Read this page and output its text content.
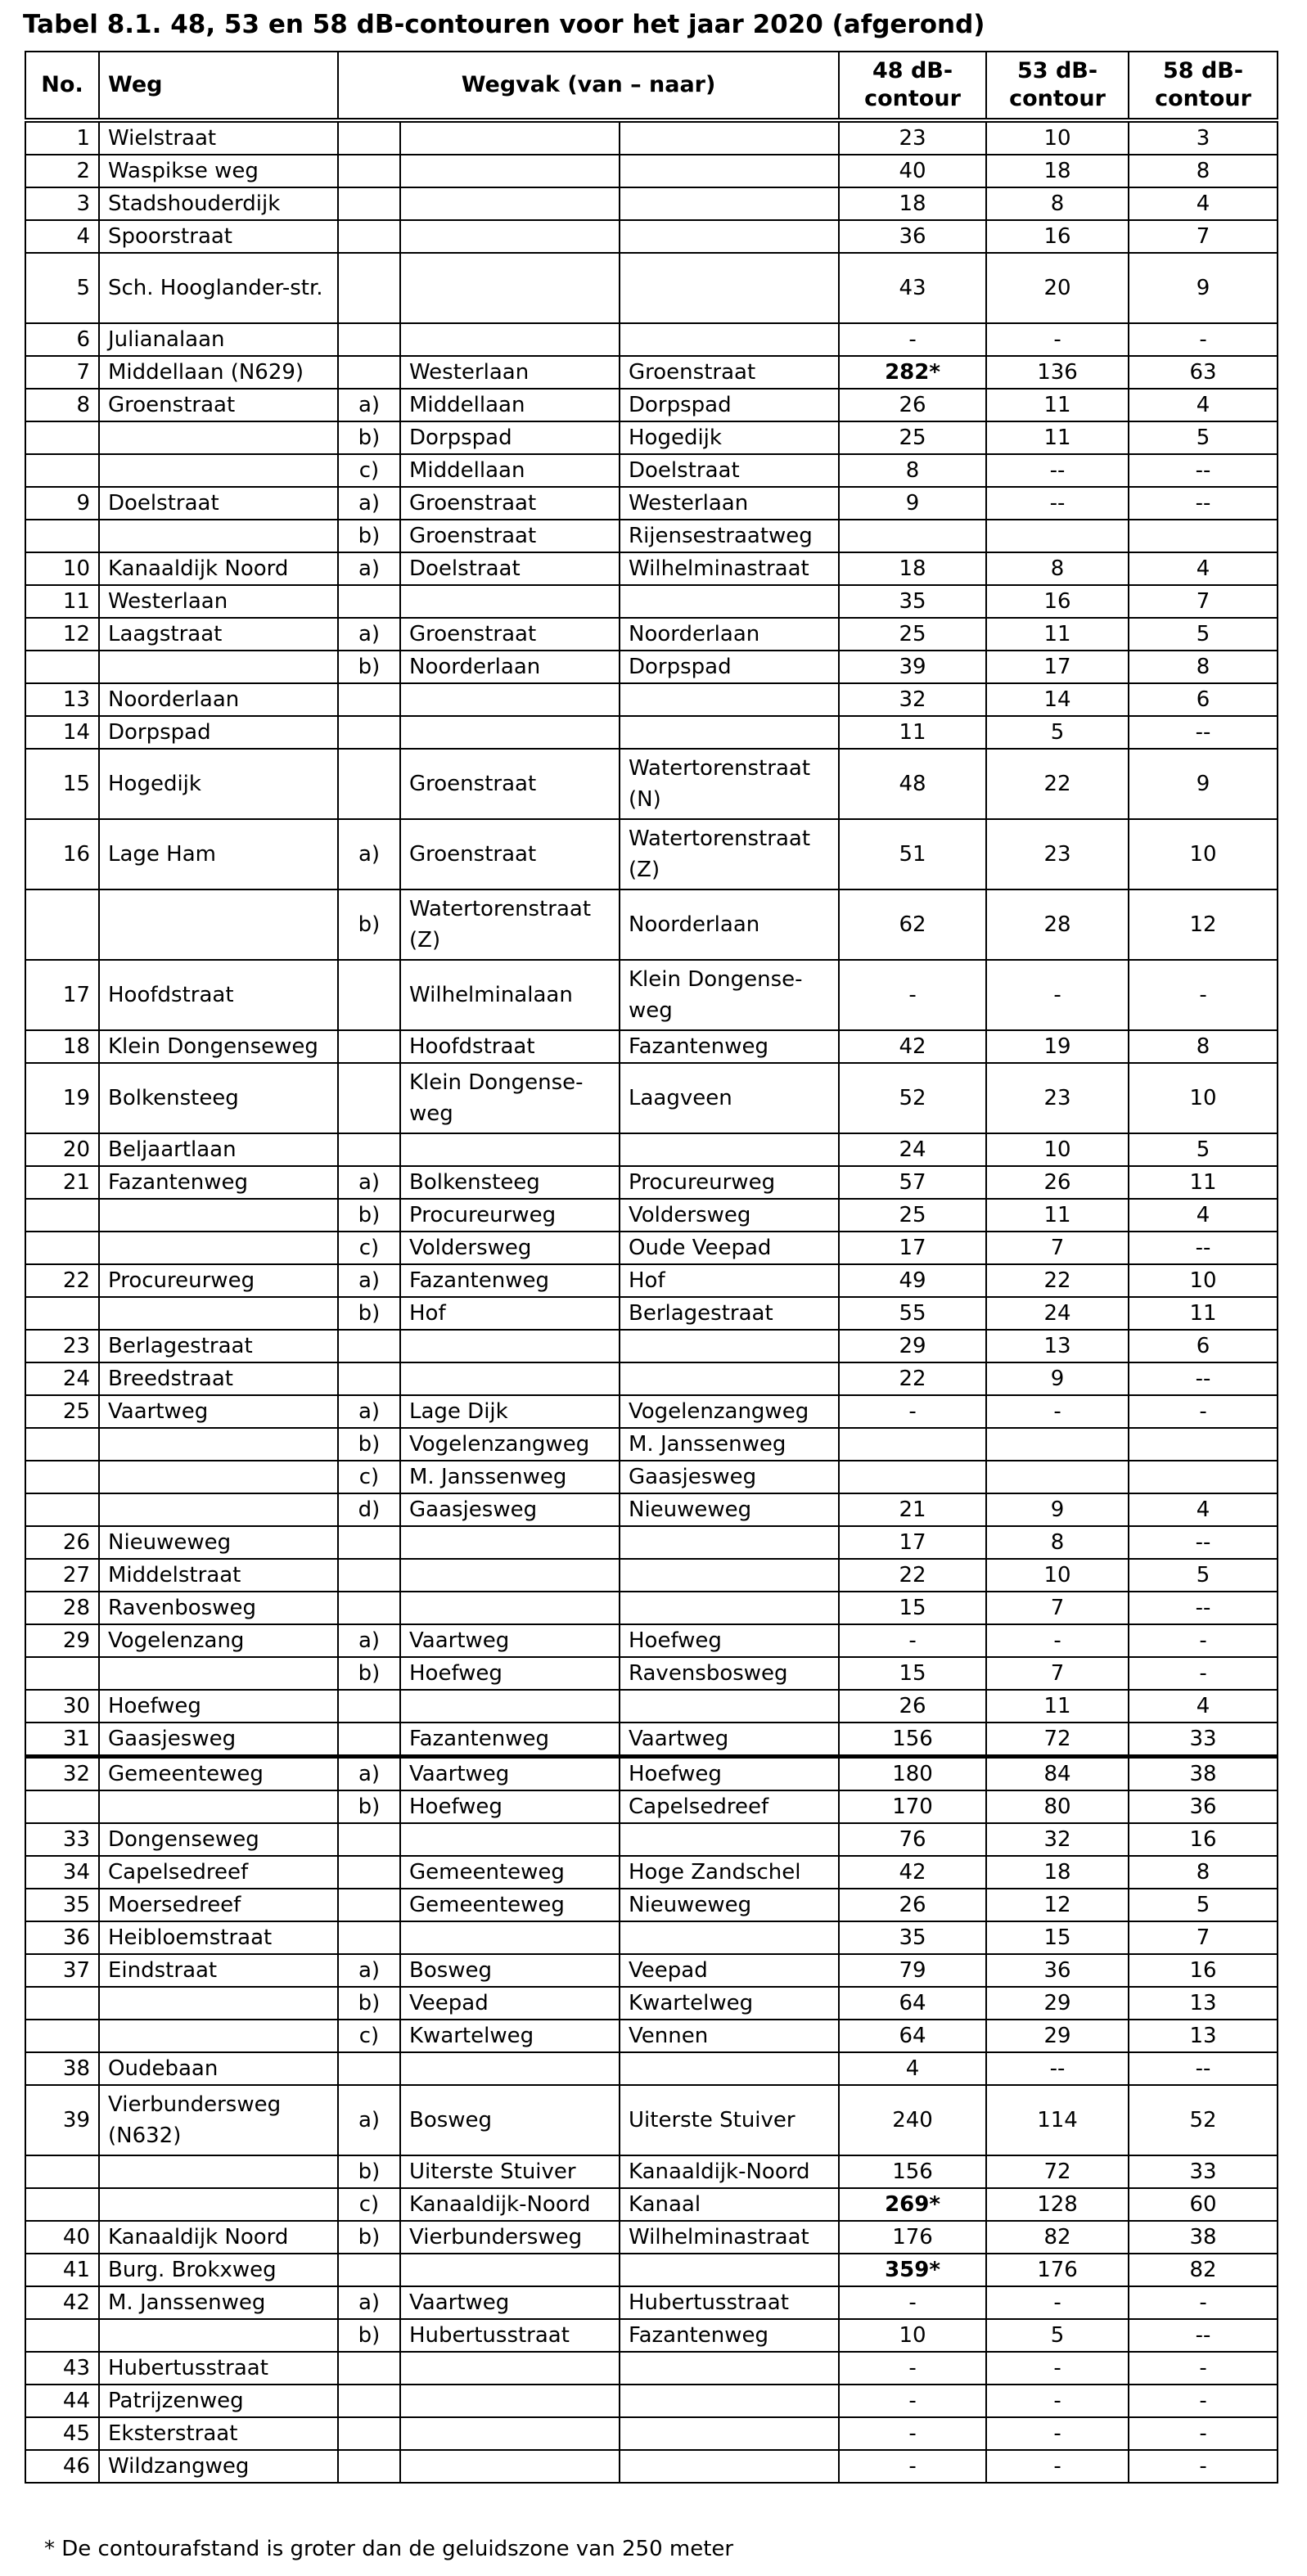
Tabel 8.1. 48, 53 en 58 dB-contouren voor het jaar 2020 (afgerond)
No.	Weg	Wegvak (van – naar)			48 dB-contour	53 dB-contour	58 dB-contour
1	Wielstraat				23	10	3
2	Waspikse weg				40	18	8
3	Stadshouderdijk				18	8	4
4	Spoorstraat				36	16	7
5	Sch. Hooglander-str.				43	20	9
6	Julianalaan				-	-	-
7	Middellaan (N629)		Westerlaan	Groenstraat	282*	136	63
8	Groenstraat	a)	Middellaan	Dorpspad	26	11	4
		b)	Dorpspad	Hogedijk	25	11	5
		c)	Middellaan	Doelstraat	8	--	--
9	Doelstraat	a)	Groenstraat	Westerlaan	9	--	--
		b)	Groenstraat	Rijensestraatweg			
10	Kanaaldijk Noord	a)	Doelstraat	Wilhelminastraat	18	8	4
11	Westerlaan				35	16	7
12	Laagstraat	a)	Groenstraat	Noorderlaan	25	11	5
		b)	Noorderlaan	Dorpspad	39	17	8
13	Noorderlaan				32	14	6
14	Dorpspad				11	5	--
15	Hogedijk		Groenstraat	Watertorenstraat (N)	48	22	9
16	Lage Ham	a)	Groenstraat	Watertorenstraat (Z)	51	23	10
		b)	Watertorenstraat (Z)	Noorderlaan	62	28	12
17	Hoofdstraat		Wilhelminalaan	Klein Dongense-weg	-	-	-
18	Klein Dongenseweg		Hoofdstraat	Fazantenweg	42	19	8
19	Bolkensteeg		Klein Dongense-weg	Laagveen	52	23	10
20	Beljaartlaan				24	10	5
21	Fazantenweg	a)	Bolkensteeg	Procureurweg	57	26	11
		b)	Procureurweg	Voldersweg	25	11	4
		c)	Voldersweg	Oude Veepad	17	7	--
22	Procureurweg	a)	Fazantenweg	Hof	49	22	10
		b)	Hof	Berlagestraat	55	24	11
23	Berlagestraat				29	13	6
24	Breedstraat				22	9	--
25	Vaartweg	a)	Lage Dijk	Vogelenzangweg	-	-	-
		b)	Vogelenzangweg	M. Janssenweg			
		c)	M. Janssenweg	Gaasjesweg			
		d)	Gaasjesweg	Nieuweweg	21	9	4
26	Nieuweweg				17	8	--
27	Middelstraat				22	10	5
28	Ravenbosweg				15	7	--
29	Vogelenzang	a)	Vaartweg	Hoefweg	-	-	-
		b)	Hoefweg	Ravensbosweg	15	7	-
30	Hoefweg				26	11	4
31	Gaasjesweg		Fazantenweg	Vaartweg	156	72	33
32	Gemeenteweg	a)	Vaartweg	Hoefweg	180	84	38
		b)	Hoefweg	Capelsedreef	170	80	36
33	Dongenseweg				76	32	16
34	Capelsedreef		Gemeenteweg	Hoge Zandschel	42	18	8
35	Moersedreef		Gemeenteweg	Nieuweweg	26	12	5
36	Heibloemstraat				35	15	7
37	Eindstraat	a)	Bosweg	Veepad	79	36	16
		b)	Veepad	Kwartelweg	64	29	13
		c)	Kwartelweg	Vennen	64	29	13
38	Oudebaan				4	--	--
39	Vierbundersweg (N632)	a)	Bosweg	Uiterste Stuiver	240	114	52
		b)	Uiterste Stuiver	Kanaaldijk-Noord	156	72	33
		c)	Kanaaldijk-Noord	Kanaal	269*	128	60
40	Kanaaldijk Noord	b)	Vierbundersweg	Wilhelminastraat	176	82	38
41	Burg. Brokxweg				359*	176	82
42	M. Janssenweg	a)	Vaartweg	Hubertusstraat	-	-	-
		b)	Hubertusstraat	Fazantenweg	10	5	--
43	Hubertusstraat				-	-	-
44	Patrijzenweg				-	-	-
45	Eksterstraat				-	-	-
46	Wildzangweg				-	-	-
* De contourafstand is groter dan de geluidszone van 250 meter
